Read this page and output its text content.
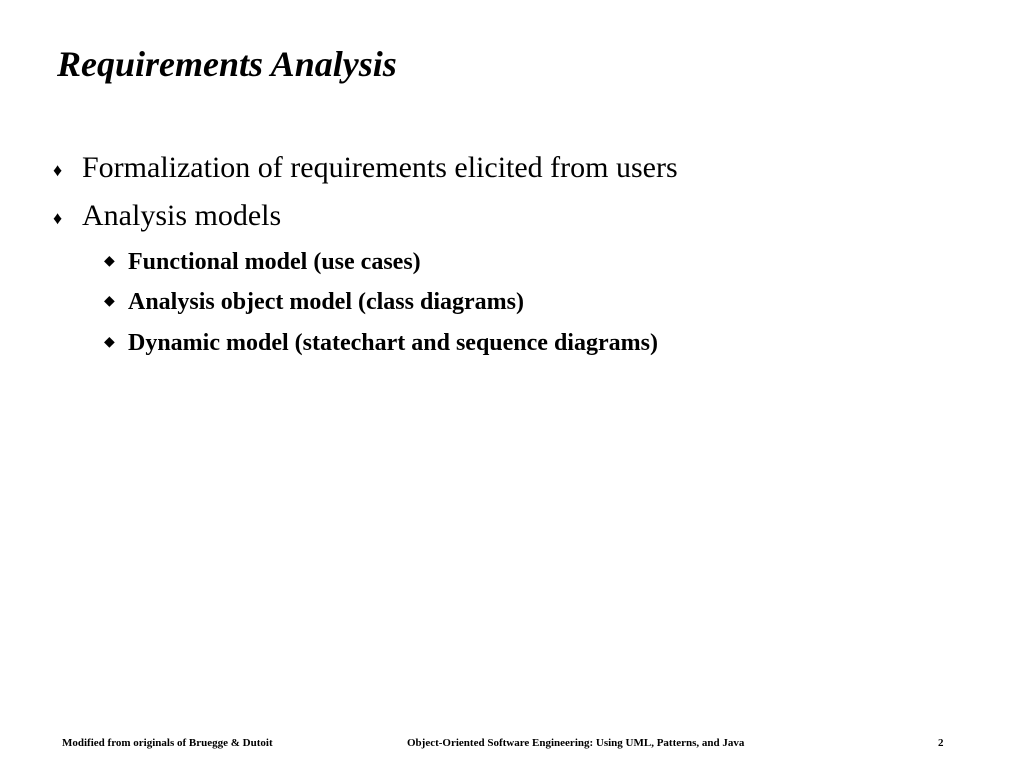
Requirements Analysis
♦ Formalization of requirements elicited from users
♦ Analysis models
◆ Functional model (use cases)
◆ Analysis object model (class diagrams)
◆ Dynamic model (statechart and sequence diagrams)
Modified from originals of Bruegge & Dutoit	Object-Oriented Software Engineering: Using UML, Patterns, and Java	2
